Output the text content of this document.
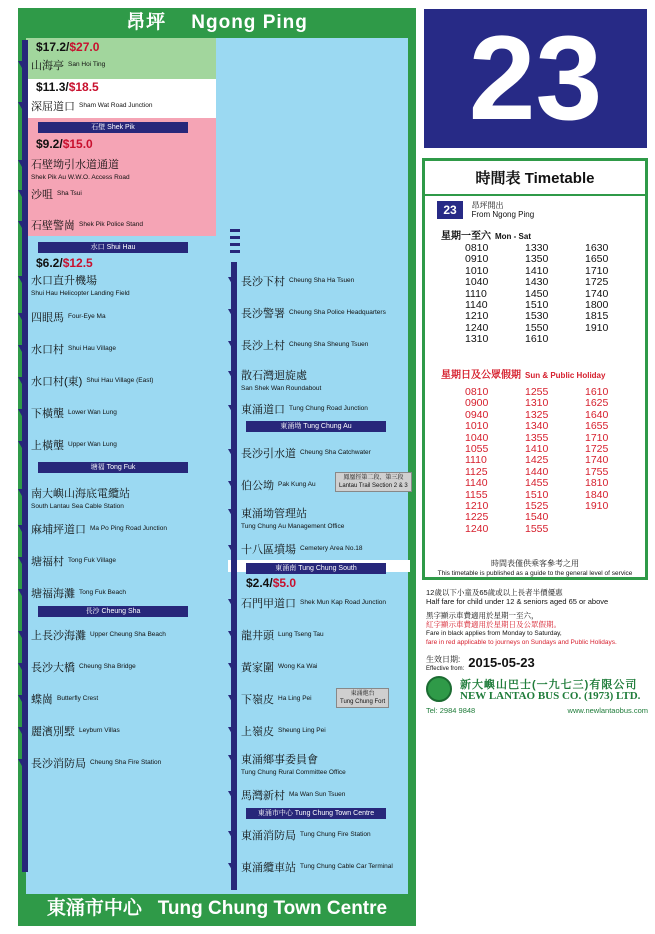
昂坪 Ngong Ping
東涌市中心 Tung Chung Town Centre
$17.2/$27.0
$11.3/$18.5
$9.2/$15.0
$6.2/$12.5
$2.4/$5.0
石壁 Shek Pik
水口 Shui Hau
塘福 Tong Fuk
長沙 Cheung Sha
東涌坳 Tung Chung Au
東涌南 Tung Chung South
東涌市中心 Tung Chung Town Centre
山海亭 San Hoi Ting
深屈道口 Sham Wat Road Junction
石壁坳引水道通道
Shek Pik Au W.W.O. Access Road
沙咀 Sha Tsui
石壁警崗 Shek Pik Police Stand
水口直升機場
Shui Hau Helicopter Landing Field
四眼馬 Four-Eye Ma
水口村 Shui Hau Village
水口村(東) Shui Hau Village (East)
下橫壟 Lower Wan Lung
上橫壟 Upper Wan Lung
南大嶼山海底電纜站
South Lantau Sea Cable Station
麻埔坪道口 Ma Po Ping Road Junction
塘福村 Tong Fuk Village
塘福海灘 Tong Fuk Beach
上長沙海灘 Upper Cheung Sha Beach
長沙大橋 Cheung Sha Bridge
蝶崗 Butterfly Crest
麗濱別墅 Leyburn Villas
長沙消防局 Cheung Sha Fire Station
長沙下村 Cheung Sha Ha Tsuen
長沙警署 Cheung Sha Police Headquarters
長沙上村 Cheung Sha Sheung Tsuen
散石灣迴旋處
San Shek Wan Roundabout
東涌道口 Tung Chung Road Junction
長沙引水道 Cheung Sha Catchwater
伯公坳 Pak Kung Au
東涌坳管理站
Tung Chung Au Management Office
十八區墳場 Cemetery Area No.18
石門甲道口 Shek Mun Kap Road Junction
龍井頭 Lung Tseng Tau
黃家圍 Wong Ka Wai
下嶺皮 Ha Ling Pei
上嶺皮 Sheung Ling Pei
東涌鄉事委員會
Tung Chung Rural Committee Office
馬灣新村 Ma Wan Sun Tsuen
東涌消防局 Tung Chung Fire Station
東涌纜車站 Tung Chung Cable Car Terminal
鳳凰徑第二段、第三段
Lantau Trail Section 2 & 3
東涌炮台
Tung Chung Fort
23
時間表 Timetable
23 昂坪開出
From Ngong Ping
星期一至六 Mon - Sat
0810	1330	1630
0910	1350	1650
1010	1410	1710
1040	1430	1725
1110	1450	1740
1140	1510	1800
1210	1530	1815
1240	1550	1910
1310	1610
星期日及公眾假期 Sun & Public Holiday
0810	1255	1610
0900	1310	1625
0940	1325	1640
1010	1340	1655
1040	1355	1710
1055	1410	1725
1110	1425	1740
1125	1440	1755
1140	1455	1810
1155	1510	1840
1210	1525	1910
1225	1540
1240	1555
時間表僅供乘客參考之用
This timetable is published as a guide to the general level of service
12歲以下小童及65歲或以上長者半價優惠
Half fare for child under 12 & seniors aged 65 or above
黑字顯示車費適用於星期一至六，
紅字顯示車費適用於星期日及公眾假期。
Fare in black applies from Monday to Saturday,
fare in red applicable to journeys on Sundays and Public Holidays.
生效日期:
Effective from: 2015-05-23
新大嶼山巴士(一九七三)有限公司
NEW LANTAO BUS CO. (1973) LTD.
Tel: 2984 9848	www.newlantaobus.com
